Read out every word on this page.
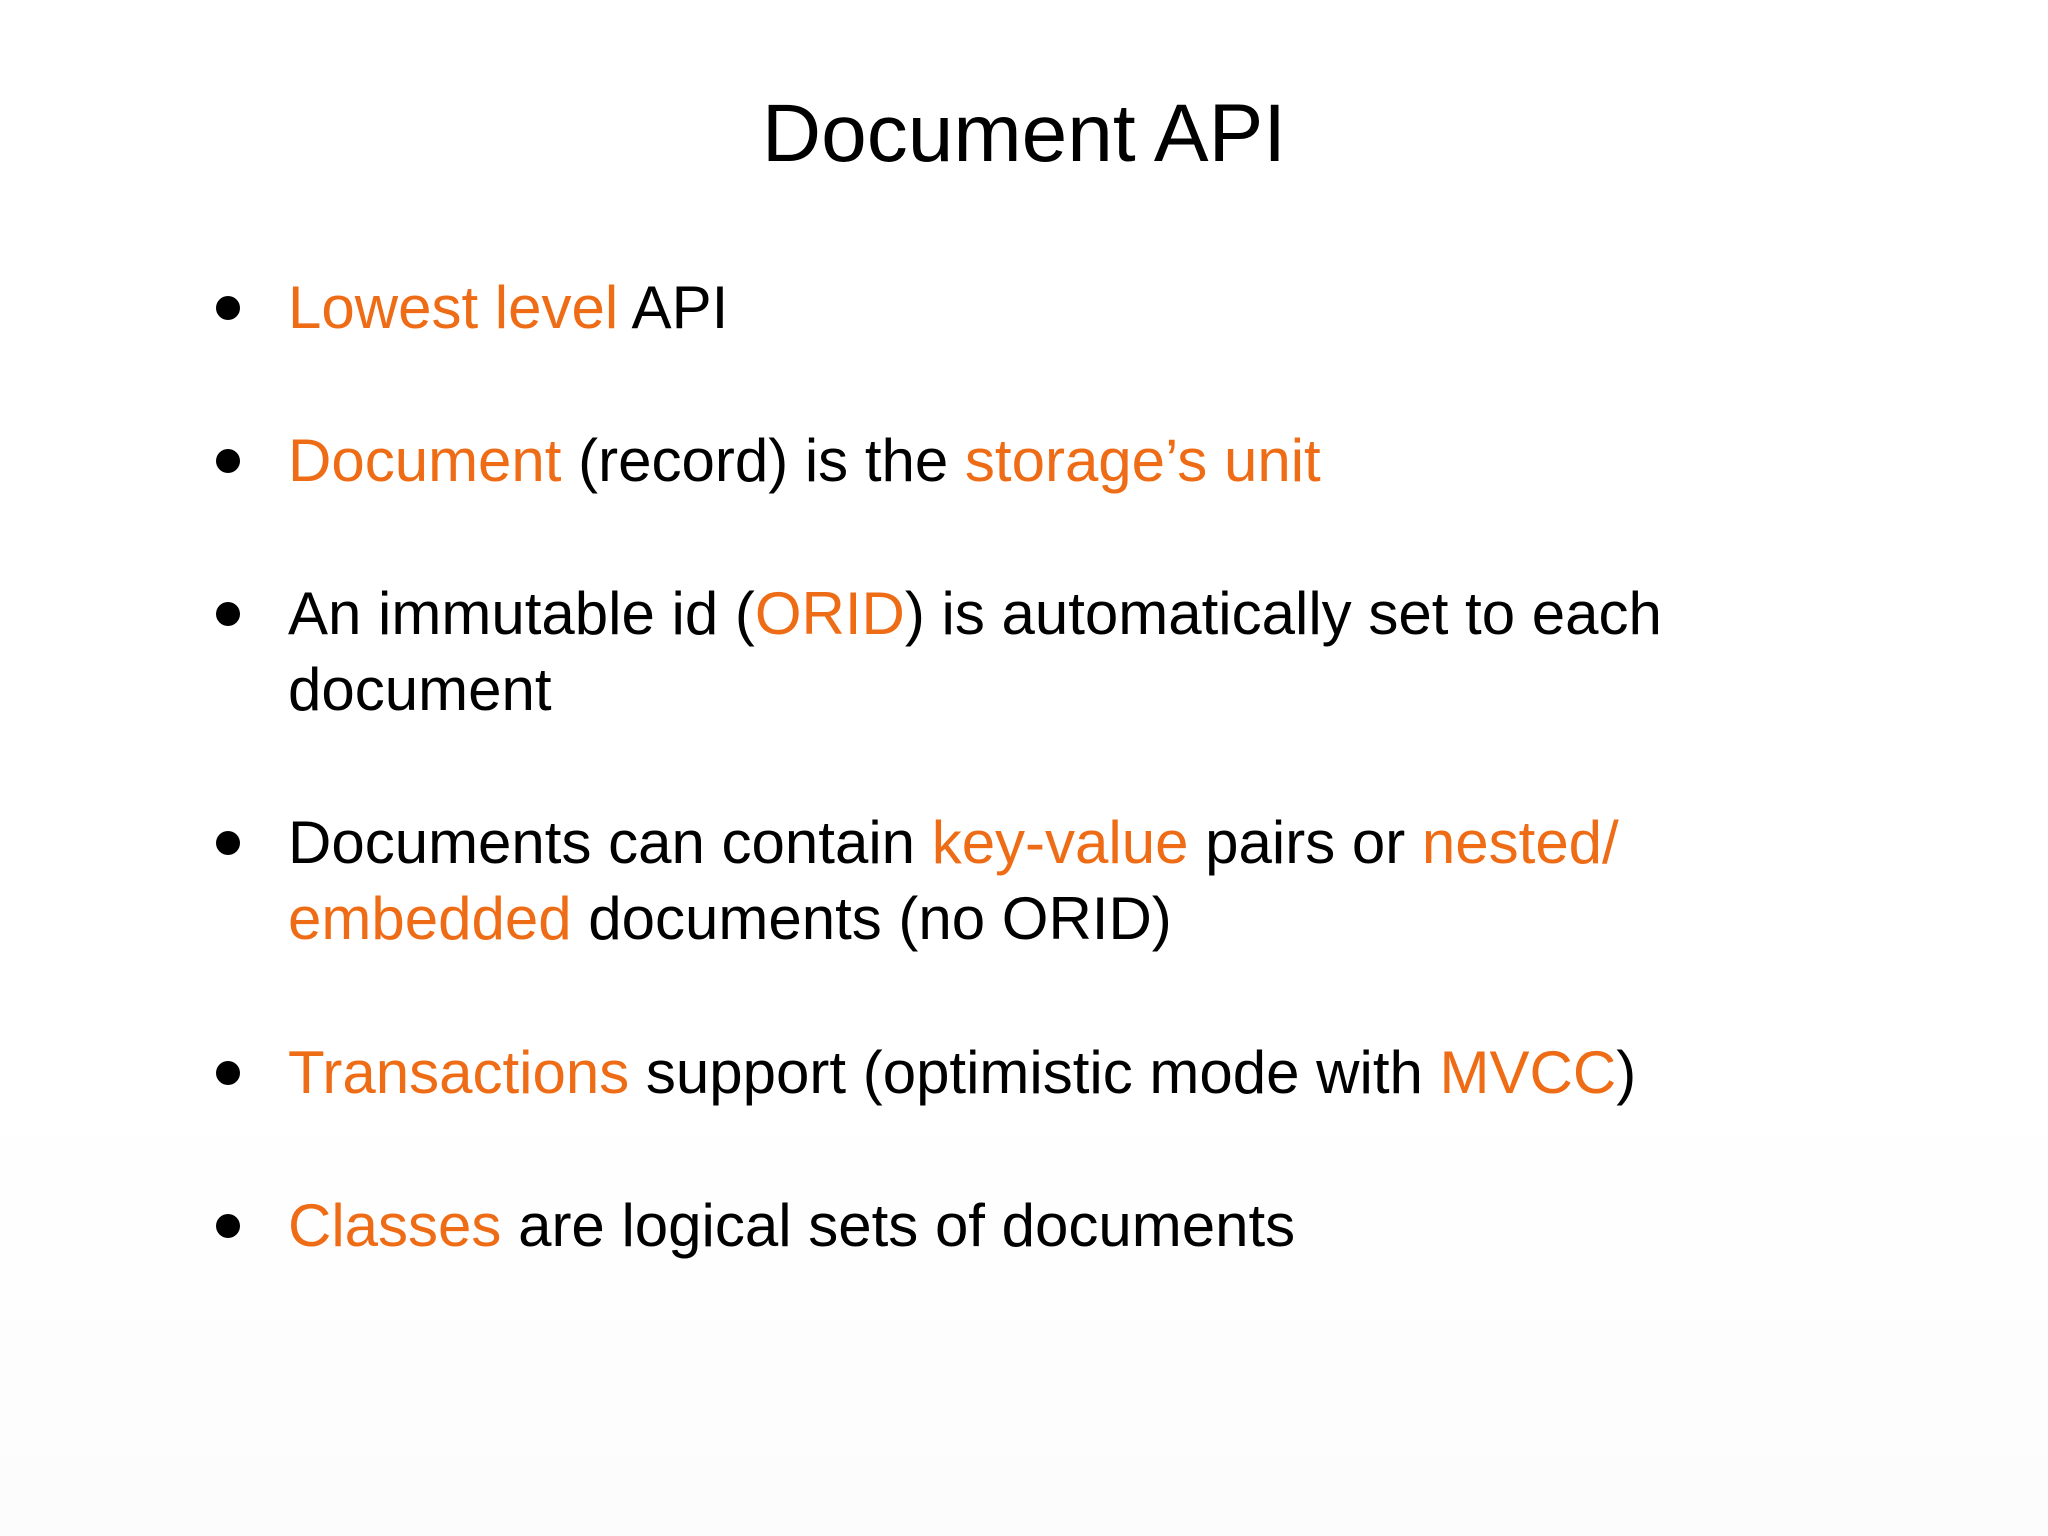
Document API
Lowest level API
Document (record) is the storage’s unit
An immutable id (ORID) is automatically set to each
document
Documents can contain key-value pairs or nested/
embedded documents (no ORID)
Transactions support (optimistic mode with MVCC)
Classes are logical sets of documents
